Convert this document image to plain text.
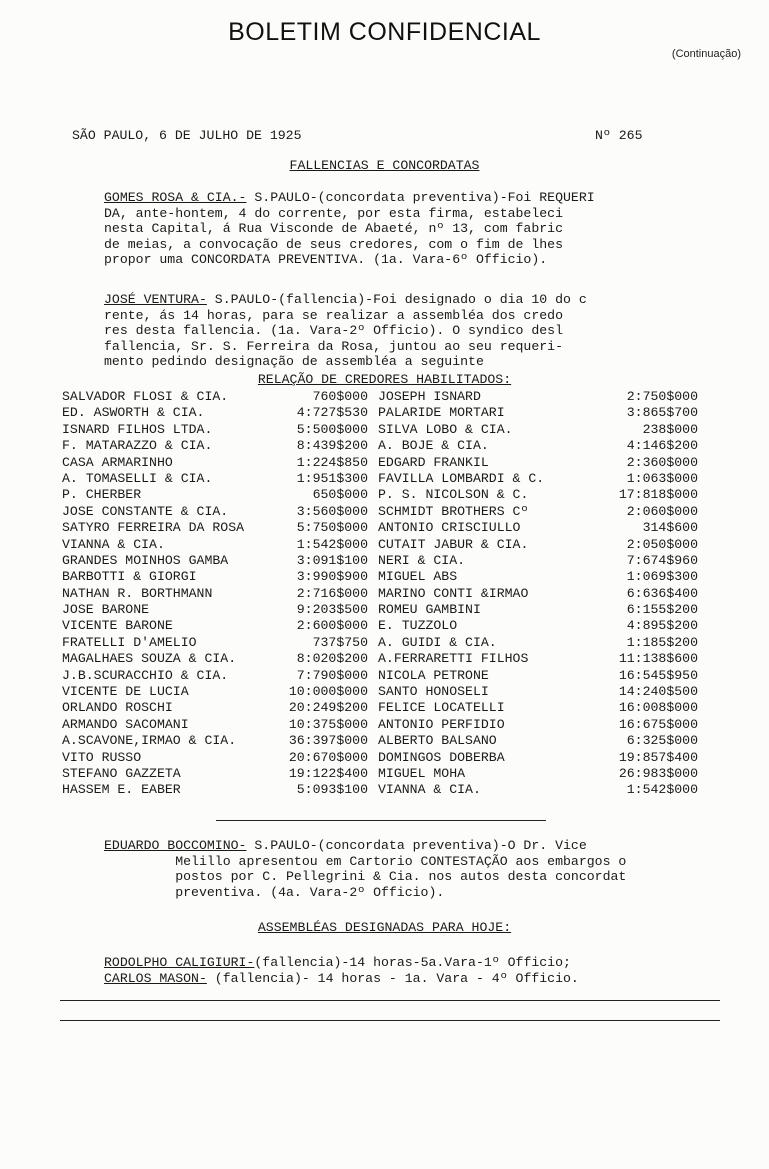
BOLETIM CONFIDENCIAL
(Continuação)
SÃO PAULO, 6 DE JULHO DE 1925	Nº 265
FALLENCIAS E CONCORDATAS
GOMES ROSA & CIA.- S.PAULO-(concordata preventiva)-Foi REQUERI
DA, ante-hontem, 4 do corrente, por esta firma, estabeleci
nesta Capital, á Rua Visconde de Abaeté, nº 13, com fabric
de meias, a convocação de seus credores, com o fim de lhes
propor uma CONCORDATA PREVENTIVA. (1a. Vara-6º Officio).
JOSÉ VENTURA- S.PAULO-(fallencia)-Foi designado o dia 10 do c
rente, ás 14 horas, para se realizar a assembléa dos credo
res desta fallencia. (1a. Vara-2º Officio). O syndico desl
fallencia, Sr. S. Ferreira da Rosa, juntou ao seu requeri-
mento pedindo designação de assembléa a seguinte
RELAÇÃO DE CREDORES HABILITADOS:
SALVADOR FLOSI & CIA.	760$000 JOSEPH ISNARD	2:750$000
ED. ASWORTH & CIA.	4:727$530 PALARIDE MORTARI	3:865$700
ISNARD FILHOS LTDA.	5:500$000 SILVA LOBO & CIA.	238$000
F. MATARAZZO & CIA.	8:439$200 A. BOJE & CIA.	4:146$200
CASA ARMARINHO	1:224$850 EDGARD FRANKIL	2:360$000
A. TOMASELLI & CIA.	1:951$300 FAVILLA LOMBARDI & C.	1:063$000
P. CHERBER	650$000 P. S. NICOLSON & C.	17:818$000
JOSE CONSTANTE & CIA.	3:560$000 SCHMIDT BROTHERS Cº	2:060$000
SATYRO FERREIRA DA ROSA	5:750$000 ANTONIO CRISCIULLO	314$600
VIANNA & CIA.	1:542$000 CUTAIT JABUR & CIA.	2:050$000
GRANDES MOINHOS GAMBA	3:091$100 NERI & CIA.	7:674$960
BARBOTTI & GIORGI	3:990$900 MIGUEL ABS	1:069$300
NATHAN R. BORTHMANN	2:716$000 MARINO CONTI &IRMAO	6:636$400
JOSE BARONE	9:203$500 ROMEU GAMBINI	6:155$200
VICENTE BARONE	2:600$000 E. TUZZOLO	4:895$200
FRATELLI D'AMELIO	737$750 A. GUIDI & CIA.	1:185$200
MAGALHAES SOUZA & CIA.	8:020$200 A.FERRARETTI FILHOS	11:138$600
J.B.SCURACCHIO & CIA.	7:790$000 NICOLA PETRONE	16:545$950
VICENTE DE LUCIA	10:000$000 SANTO HONOSELI	14:240$500
ORLANDO ROSCHI	20:249$200 FELICE LOCATELLI	16:008$000
ARMANDO SACOMANI	10:375$000 ANTONIO PERFIDIO	16:675$000
A.SCAVONE,IRMAO & CIA.	36:397$000 ALBERTO BALSANO	6:325$000
VITO RUSSO	20:670$000 DOMINGOS DOBERBA	19:857$400
STEFANO GAZZETA	19:122$400 MIGUEL MOHA	26:983$000
HASSEM E. EABER	5:093$100 VIANNA & CIA.	1:542$000
EDUARDO BOCCOMINO- S.PAULO-(concordata preventiva)-O Dr. Vice
Melillo apresentou em Cartorio CONTESTAÇÃO aos embargos o
postos por C. Pellegrini & Cia. nos autos desta concordat
preventiva. (4a. Vara-2º Officio).
ASSEMBLÉAS DESIGNADAS PARA HOJE:
RODOLPHO CALIGIURI-(fallencia)-14 horas-5a.Vara-1º Officio;
CARLOS MASON- (fallencia)- 14 horas - 1a. Vara - 4º Officio.
